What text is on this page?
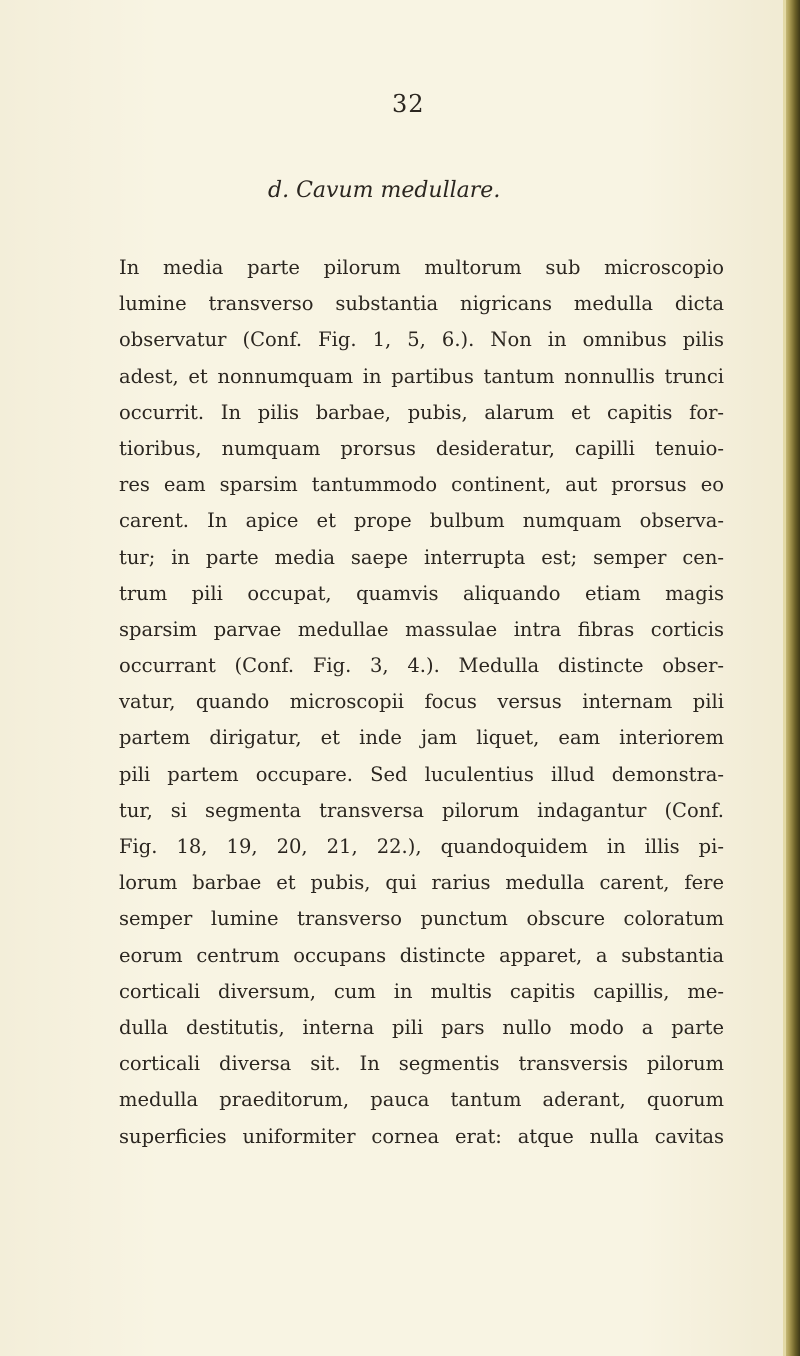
32
d. Cavum medullare.
In media parte pilorum multorum sub microscopio
lumine transverso substantia nigricans medulla dicta
observatur (Conf. Fig. 1, 5, 6.). Non in omnibus pilis
adest, et nonnumquam in partibus tantum nonnullis trunci
occurrit. In pilis barbae, pubis, alarum et capitis for-
tioribus, numquam prorsus desideratur, capilli tenuio-
res eam sparsim tantummodo continent, aut prorsus eo
carent. In apice et prope bulbum numquam observa-
tur; in parte media saepe interrupta est; semper cen-
trum pili occupat, quamvis aliquando etiam magis
sparsim parvae medullae massulae intra fibras corticis
occurrant (Conf. Fig. 3, 4.). Medulla distincte obser-
vatur, quando microscopii focus versus internam pili
partem dirigatur, et inde jam liquet, eam interiorem
pili partem occupare. Sed luculentius illud demonstra-
tur, si segmenta transversa pilorum indagantur (Conf.
Fig. 18, 19, 20, 21, 22.), quandoquidem in illis pi-
lorum barbae et pubis, qui rarius medulla carent, fere
semper lumine transverso punctum obscure coloratum
eorum centrum occupans distincte apparet, a substantia
corticali diversum, cum in multis capitis capillis, me-
dulla destitutis, interna pili pars nullo modo a parte
corticali diversa sit. In segmentis transversis pilorum
medulla praeditorum, pauca tantum aderant, quorum
superficies uniformiter cornea erat: atque nulla cavitas
